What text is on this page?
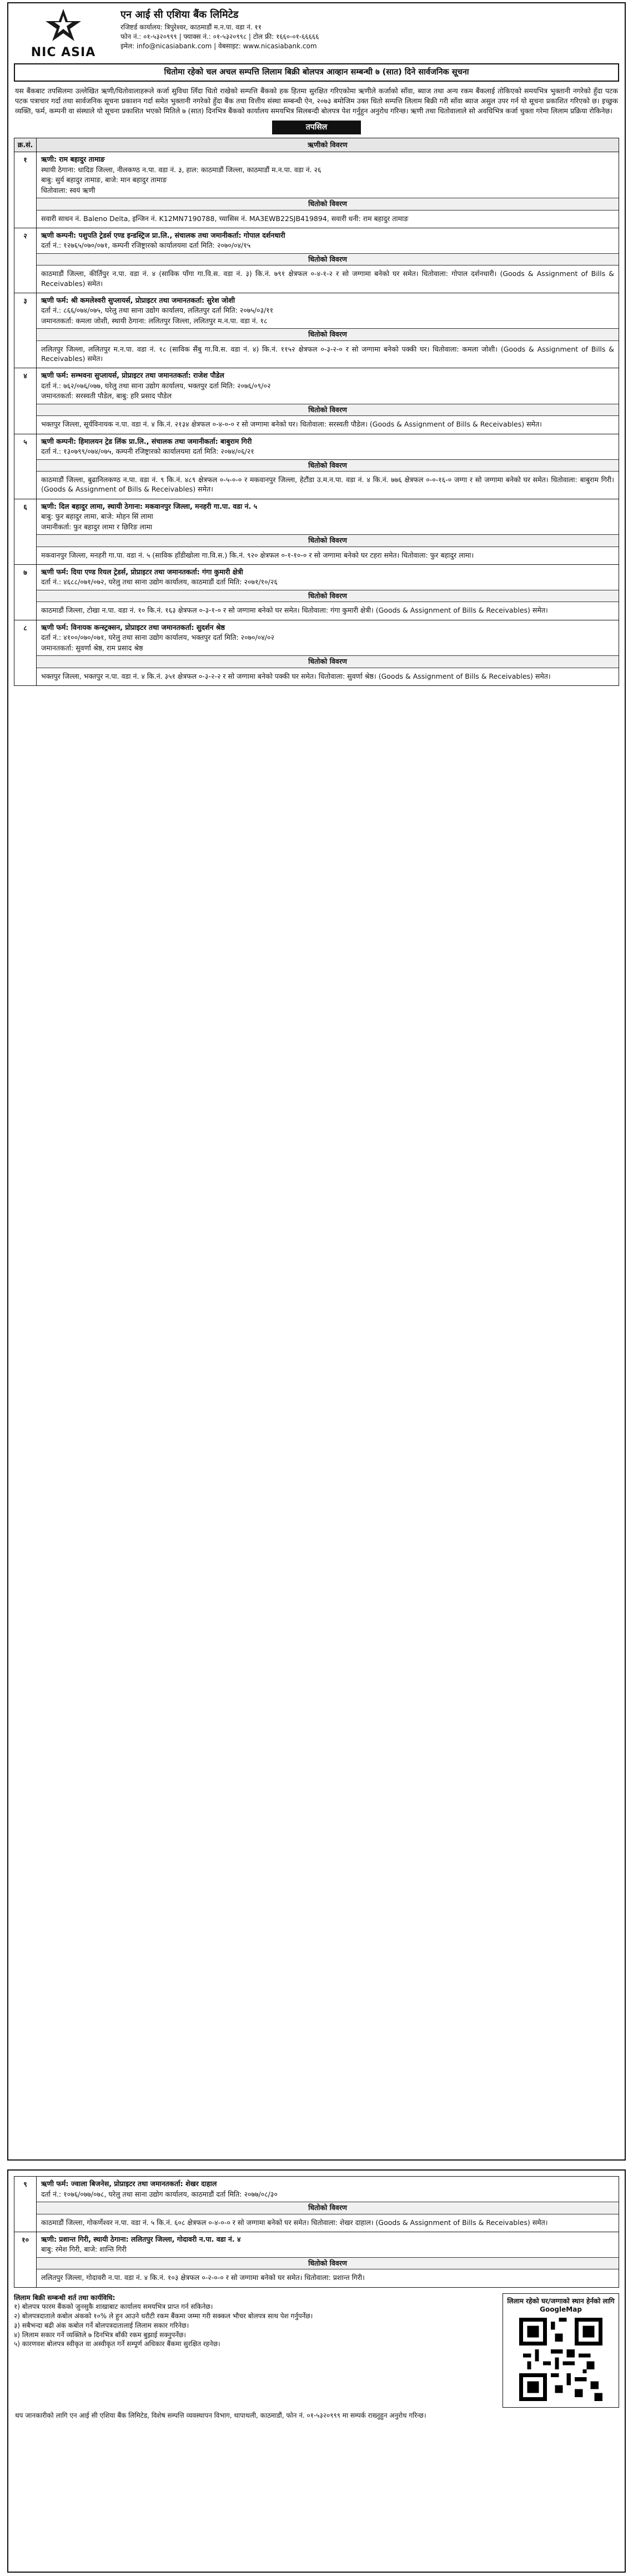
NIC ASIA
एन आई सी एशिया बैंक लिमिटेड
रजिष्टर्ड कार्यालय: त्रिपुरेश्वर, काठमाडौं म.न.पा. वडा नं. ११
फोन नं.: ०१-५३२०९९९ | फ्याक्स नं.: ०१-५३२०९९८ | टोल फ्री: १६६०-०१-६६६६६
इमेल: info@nicasiabank.com | वेबसाइट: www.nicasiabank.com
धितोमा रहेको चल अचल सम्पत्ति लिलाम बिक्री बोलपत्र आव्हान सम्बन्धी ७ (सात) दिने सार्वजनिक सूचना
यस बैंकबाट तपसिलमा उल्लेखित ऋणी/धितोवालाहरूले कर्जा सुविधा लिँदा धितो राखेको सम्पत्ति बैंकको हक हितमा सुरक्षित गरिएकोमा ऋणीले कर्जाको साँवा, ब्याज तथा अन्य रकम बैंकलाई तोकिएको समयभित्र भुक्तानी नगरेको हुँदा पटक पटक पत्राचार गर्दा तथा सार्वजनिक सूचना प्रकाशन गर्दा समेत भुक्तानी नगरेको हुँदा बैंक तथा वित्तीय संस्था सम्बन्धी ऐन, २०७३ बमोजिम उक्त धितो सम्पत्ति लिलाम बिक्री गरी साँवा ब्याज असुल उपर गर्न यो सूचना प्रकाशित गरिएको छ। इच्छुक व्यक्ति, फर्म, कम्पनी वा संस्थाले यो सूचना प्रकाशित भएको मितिले ७ (सात) दिनभित्र बैंकको कार्यालय समयभित्र सिलबन्दी बोलपत्र पेश गर्नुहुन अनुरोध गरिन्छ। ऋणी तथा धितोवालाले सो अवधिभित्र कर्जा चुक्ता गरेमा लिलाम प्रक्रिया रोकिनेछ।
तपसिल
क्र.सं.	ऋणीको विवरण
१	ऋणी: राम बहादुर तामाङ
स्थायी ठेगाना: धादिङ जिल्ला, नीलकण्ठ न.पा. वडा नं. ३, हाल: काठमाडौं जिल्ला, काठमाडौं म.न.पा. वडा नं. २६
बाबु: सुर्य बहादुर तामाङ, बाजे: मान बहादुर तामाङ
धितोवाला: स्वयं ऋणी
धितोको विवरण
सवारी साधन नं. Baleno Delta, इन्जिन नं. K12MN7190788, च्यासिस नं. MA3EWB22SJB419894, सवारी धनी: राम बहादुर तामाङ
२	ऋणी कम्पनी: पशुपति ट्रेडर्स एण्ड इन्डस्ट्रिज प्रा.लि., संचालक तथा जमानीकर्ता: गोपाल दर्शनधारी
दर्ता नं.: १२७६५/०७०/०७१, कम्पनी रजिष्ट्रारको कार्यालयमा दर्ता मिति: २०७०/०४/१५
धितोको विवरण
काठमाडौं जिल्ला, कीर्तिपुर न.पा. वडा नं. ४ (साविक पाँगा गा.वि.स. वडा नं. ३) कि.नं. ७९१ क्षेत्रफल ०-४-१-२ र सो जग्गामा बनेको घर समेत। धितोवाला: गोपाल दर्शनधारी। (Goods & Assignment of Bills & Receivables) समेत।
३	ऋणी फर्म: श्री कमलेश्वरी सुप्लायर्स, प्रोप्राइटर तथा जमानतकर्ता: सुरेश जोशी
दर्ता नं.: ८६६/०७४/०७५, घरेलु तथा साना उद्योग कार्यालय, ललितपुर दर्ता मिति: २०७५/०३/११
जमानतकर्ता: कमला जोशी, स्थायी ठेगाना: ललितपुर जिल्ला, ललितपुर म.न.पा. वडा नं. १८
धितोको विवरण
ललितपुर जिल्ला, ललितपुर म.न.पा. वडा नं. १८ (साविक सैंबु गा.वि.स. वडा नं. ४) कि.नं. ११५२ क्षेत्रफल ०-३-२-० र सो जग्गामा बनेको पक्की घर। धितोवाला: कमला जोशी। (Goods & Assignment of Bills & Receivables) समेत।
४	ऋणी फर्म: सम्भवना सुप्लायर्स, प्रोप्राइटर तथा जमानतकर्ता: राजेश पौडेल
दर्ता नं.: ७६२/०७६/०७७, घरेलु तथा साना उद्योग कार्यालय, भक्तपुर दर्ता मिति: २०७६/०९/०२
जमानतकर्ता: सरस्वती पौडेल, बाबु: हरि प्रसाद पौडेल
धितोको विवरण
भक्तपुर जिल्ला, सूर्यविनायक न.पा. वडा नं. ४ कि.नं. २१३४ क्षेत्रफल ०-४-०-० र सो जग्गामा बनेको घर। धितोवाला: सरस्वती पौडेल। (Goods & Assignment of Bills & Receivables) समेत।
५	ऋणी कम्पनी: हिमालयन ट्रेड लिंक प्रा.लि., संचालक तथा जमानीकर्ता: बाबुराम गिरी
दर्ता नं.: १३०७९९/०७४/०७५, कम्पनी रजिष्ट्रारको कार्यालयमा दर्ता मिति: २०७४/०६/२१
धितोको विवरण
काठमाडौं जिल्ला, बुढानिलकण्ठ न.पा. वडा नं. ९ कि.नं. ४८९ क्षेत्रफल ०-५-०-० र मकवानपुर जिल्ला, हेटौंडा उ.म.न.पा. वडा नं. ४ कि.नं. ७७६ क्षेत्रफल ०-०-१६-० जग्गा र सो जग्गामा बनेको घर समेत। धितोवाला: बाबुराम गिरी। (Goods & Assignment of Bills & Receivables) समेत।
६	ऋणी: दिल बहादुर लामा, स्थायी ठेगाना: मकवानपुर जिल्ला, मनहरी गा.पा. वडा नं. ५
बाबु: फुर बहादुर लामा, बाजे: मोहन सिं लामा
जमानीकर्ता: फुर बहादुर लामा र छिरिङ लामा
धितोको विवरण
मकवानपुर जिल्ला, मनहरी गा.पा. वडा नं. ५ (साविक हाँडीखोला गा.वि.स.) कि.नं. ९२० क्षेत्रफल ०-१-१०-० र सो जग्गामा बनेको घर टहरा समेत। धितोवाला: फुर बहादुर लामा।
७	ऋणी फर्म: दिया एण्ड रियल ट्रेडर्स, प्रोप्राइटर तथा जमानतकर्ता: गंगा कुमारी क्षेत्री
दर्ता नं.: ४६८८/०७१/०७२, घरेलु तथा साना उद्योग कार्यालय, काठमाडौं दर्ता मिति: २०७१/१०/२६
धितोको विवरण
काठमाडौं जिल्ला, टोखा न.पा. वडा नं. १० कि.नं. १६३ क्षेत्रफल ०-३-१-० र सो जग्गामा बनेको घर समेत। धितोवाला: गंगा कुमारी क्षेत्री। (Goods & Assignment of Bills & Receivables) समेत।
८	ऋणी फर्म: विनायक कन्स्ट्रक्सन, प्रोप्राइटर तथा जमानतकर्ता: सुदर्शन श्रेष्ठ
दर्ता नं.: ४१००/०७०/०७१, घरेलु तथा साना उद्योग कार्यालय, भक्तपुर दर्ता मिति: २०७०/०४/०२
जमानतकर्ता: सुवर्णा श्रेष्ठ, राम प्रसाद श्रेष्ठ
धितोको विवरण
भक्तपुर जिल्ला, भक्तपुर न.पा. वडा नं. ४ कि.नं. ३५१ क्षेत्रफल ०-३-२-२ र सो जग्गामा बनेको पक्की घर समेत। धितोवाला: सुवर्णा श्रेष्ठ। (Goods & Assignment of Bills & Receivables) समेत।
९	ऋणी फर्म: ज्वाला बिजनेस, प्रोप्राइटर तथा जमानतकर्ता: शेखर दाहाल
दर्ता नं.: १०७६/०७७/०७८, घरेलु तथा साना उद्योग कार्यालय, काठमाडौं दर्ता मिति: २०७७/०८/३०
धितोको विवरण
काठमाडौं जिल्ला, गोकर्णेश्वर न.पा. वडा नं. ५ कि.नं. ६०८ क्षेत्रफल ०-४-०-० र सो जग्गामा बनेको घर समेत। धितोवाला: शेखर दाहाल। (Goods & Assignment of Bills & Receivables) समेत।
१०	ऋणी: प्रशान्त गिरी, स्थायी ठेगाना: ललितपुर जिल्ला, गोदावरी न.पा. वडा नं. ४
बाबु: रमेश गिरी, बाजे: शान्ति गिरी
धितोको विवरण
ललितपुर जिल्ला, गोदावरी न.पा. वडा नं. ४ कि.नं. १०३ क्षेत्रफल ०-२-०-० र सो जग्गामा बनेको घर समेत। धितोवाला: प्रशान्त गिरी।
लिलाम बिक्री सम्बन्धी शर्त तथा कार्यविधि:
१) बोलपत्र फारम बैंकको जुनसुकै शाखाबाट कार्यालय समयभित्र प्राप्त गर्न सकिनेछ।
२) बोलपत्रदाताले कबोल अंकको १०% ले हुन आउने धरौटी रकम बैंकमा जम्मा गरी सक्कल भौचर बोलपत्र साथ पेश गर्नुपर्नेछ।
३) सबैभन्दा बढी अंक कबोल गर्ने बोलपत्रदातालाई लिलाम सकार गरिनेछ।
४) लिलाम सकार गर्ने व्यक्तिले ७ दिनभित्र बाँकी रकम बुझाई सक्नुपर्नेछ।
५) कारणवश बोलपत्र स्वीकृत वा अस्वीकृत गर्ने सम्पूर्ण अधिकार बैंकमा सुरक्षित रहनेछ।
लिलाम रहेको घर/जग्गाको स्थान हेर्नको लागि GoogleMap
थप जानकारीको लागि एन आई सी एशिया बैंक लिमिटेड, विशेष सम्पत्ति व्यवस्थापन विभाग, थापाथली, काठमाडौं, फोन नं. ०१-५३२०९९९ मा सम्पर्क राख्नुहुन अनुरोध गरिन्छ।
